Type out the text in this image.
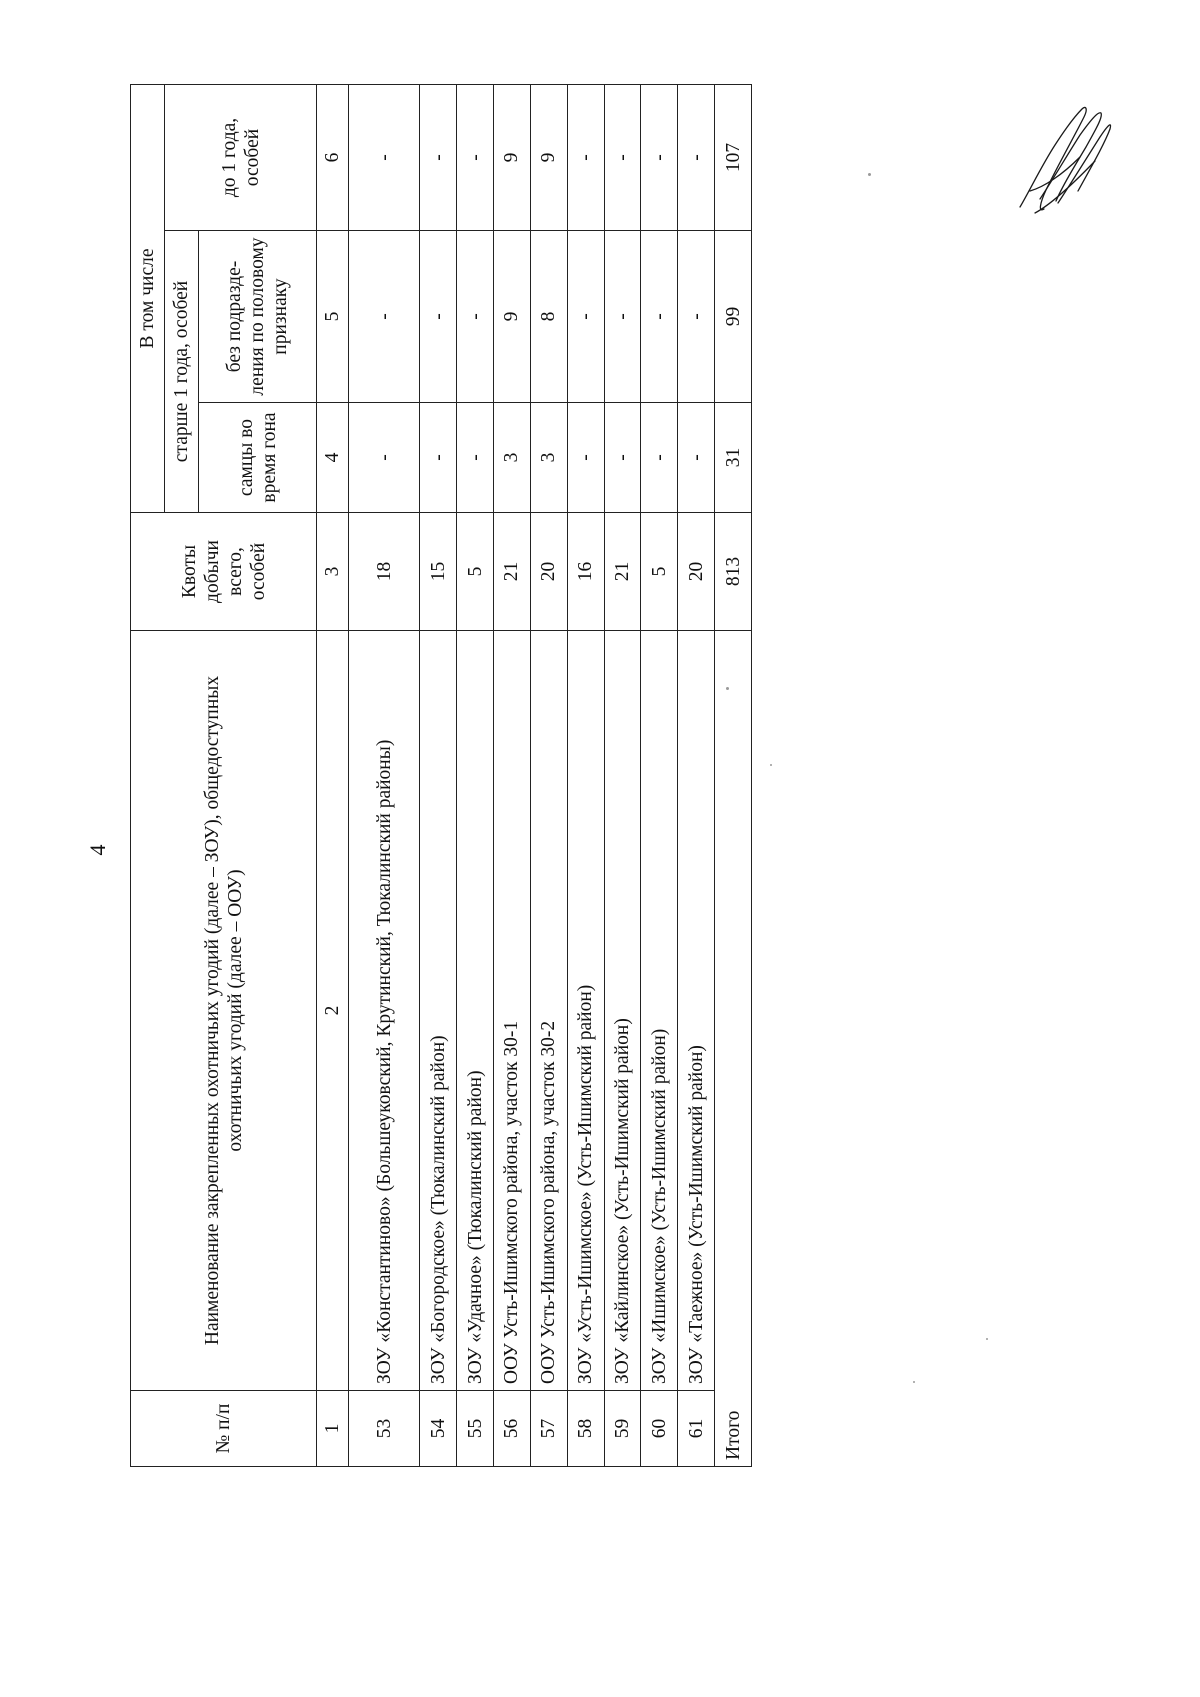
4
№ п/п	Наименование закрепленных охотничьих угодий (далее – ЗОУ), общедоступных охотничьих угодий (далее – ООУ)	Квоты добычи всего, особей	В том числе		
			старше 1 года, особей		до 1 года, особей
			самцы во время гона	без подразде-ления по половому признаку	
1	2	3	4	5	6
53	ЗОУ «Константиново» (Большеуковский, Крутинский, Тюкалинский районы)	18	-	-	-
54	ЗОУ «Богородское» (Тюкалинский район)	15	-	-	-
55	ЗОУ «Удачное» (Тюкалинский район)	5	-	-	-
56	ООУ Усть-Ишимского района, участок 30-1	21	3	9	9
57	ООУ Усть-Ишимского района, участок 30-2	20	3	8	9
58	ЗОУ «Усть-Ишимское» (Усть-Ишимский район)	16	-	-	-
59	ЗОУ «Кайлинское» (Усть-Ишимский район)	21	-	-	-
60	ЗОУ «Ишимское» (Усть-Ишимский район)	5	-	-	-
61	ЗОУ «Таежное» (Усть-Ишимский район)	20	-	-	-
Итого		813	31	99	107
